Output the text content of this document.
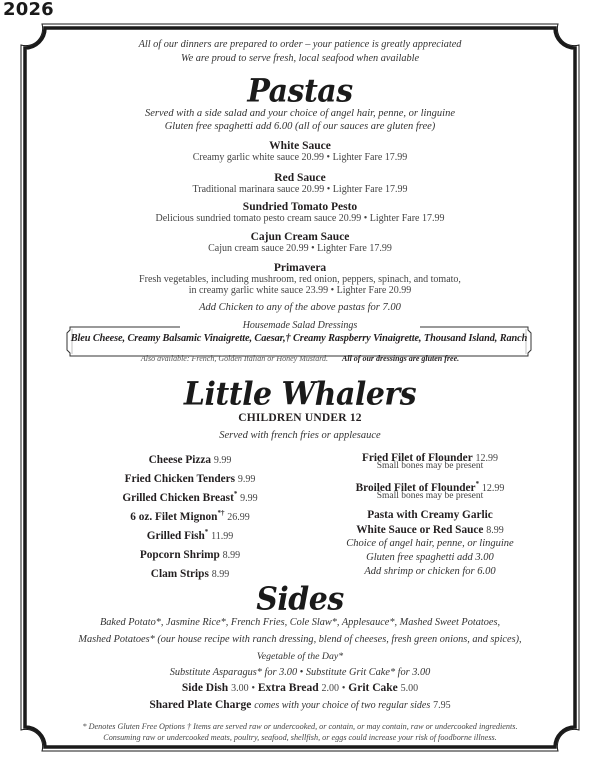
2026
All of our dinners are prepared to order – your patience is greatly appreciated
We are proud to serve fresh, local seafood when available
Pastas
Served with a side salad and your choice of angel hair, penne, or linguine
Gluten free spaghetti add 6.00 (all of our sauces are gluten free)
White Sauce
Creamy garlic white sauce 20.99 • Lighter Fare 17.99
Red Sauce
Traditional marinara sauce 20.99 • Lighter Fare 17.99
Sundried Tomato Pesto
Delicious sundried tomato pesto cream sauce 20.99 • Lighter Fare 17.99
Cajun Cream Sauce
Cajun cream sauce 20.99 • Lighter Fare 17.99
Primavera
Fresh vegetables, including mushroom, red onion, peppers, spinach, and tomato,
in creamy garlic white sauce 23.99 • Lighter Fare 20.99
Add Chicken to any of the above pastas for 7.00
Housemade Salad Dressings
Bleu Cheese, Creamy Balsamic Vinaigrette, Caesar,† Creamy Raspberry Vinaigrette, Thousand Island, Ranch
Also available: French, Golden Italian or Honey Mustard. All of our dressings are gluten free.
Little Whalers
CHILDREN UNDER 12
Served with french fries or applesauce
Cheese Pizza 9.99
Fried Chicken Tenders 9.99
Grilled Chicken Breast* 9.99
6 oz. Filet Mignon*† 26.99
Grilled Fish* 11.99
Popcorn Shrimp 8.99
Clam Strips 8.99
Fried Filet of Flounder 12.99
Small bones may be present
Broiled Filet of Flounder* 12.99
Small bones may be present
Pasta with Creamy Garlic
White Sauce or Red Sauce 8.99
Choice of angel hair, penne, or linguine
Gluten free spaghetti add 3.00
Add shrimp or chicken for 6.00
Sides
Baked Potato*, Jasmine Rice*, French Fries, Cole Slaw*, Applesauce*, Mashed Sweet Potatoes,
Mashed Potatoes* (our house recipe with ranch dressing, blend of cheeses, fresh green onions, and spices),
Vegetable of the Day*
Substitute Asparagus* for 3.00 • Substitute Grit Cake* for 3.00
Side Dish 3.00 • Extra Bread 2.00 • Grit Cake 5.00
Shared Plate Charge comes with your choice of two regular sides 7.95
* Denotes Gluten Free Options † Items are served raw or undercooked, or contain, or may contain, raw or undercooked ingredients.
Consuming raw or undercooked meats, poultry, seafood, shellfish, or eggs could increase your risk of foodborne illness.
